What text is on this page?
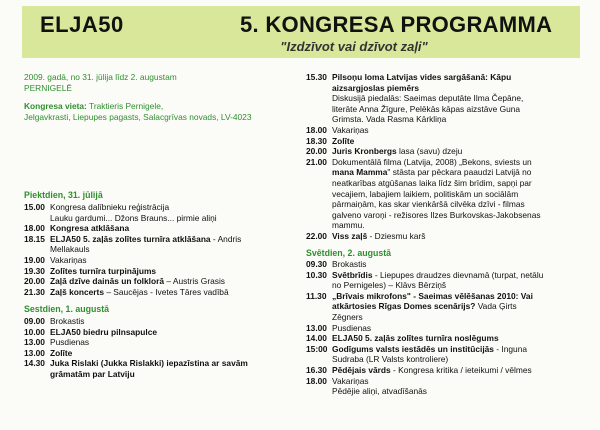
ELJA50	5. KONGRESA PROGRAMMA
"Izdzīvot vai dzīvot zaļi"
2009. gadā, no 31. jūlija līdz 2. augustam
PERNIGELĒ
Kongresa vieta: Traktieris Pernigele,
Jelgavkrasti, Liepupes pagasts, Salacgrīvas novads, LV-4023
Piektdien, 31. jūlijā
15.00 Kongresa dalībnieku reģistrācija
Lauku gardumi... Džons Brauns... pirmie aliņi
18.00 Kongresa atklāšana
18.15 ELJA50 5. zaļās zolītes turnīra atklāšana - Andris
Mellakauls
19.00 Vakariņas
19.30 Zolītes turnīra turpinājums
20.00 Zaļā dzīve dainās un folklorā – Austris Grasis
21.30 Zaļš koncerts – Saucējas - Ivetes Tāres vadībā
Sestdien, 1. augustā
09.00 Brokastis
10.00 ELJA50 biedru pilnsapulce
13.00 Pusdienas
13.00 Zolīte
14.30 Juka Rislaki (Jukka Rislakki) iepazīstina ar savām
grāmatām par Latviju
15.30 Pilsoņu loma Latvijas vides sargāšanā: Kāpu
aizsargjoslas piemērs
Diskusijā piedalās: Saeimas deputāte Ilma Čepāne,
literāte Anna Žīgure, Pelēkās kāpas aizstāve Guna
Grimsta. Vada Rasma Kārkliņa
18.00 Vakariņas
18.30 Zolīte
20.00 Juris Kronbergs lasa (savu) dzeju
21.00 Dokumentālā filma (Latvija, 2008) „Bekons, sviests un
mana Mamma" stāsta par pēckara paaudzi Latvijā no
neatkarības atgūšanas laika līdz šim brīdim, sapņi par
vecajiem, labajiem laikiem, politiskām un sociālām
pārmaiņām, kas skar vienkāršā cilvēka dzīvi - filmas
galveno varoņi - režisores Ilzes Burkovskas-Jakobsenas
mammu.
22.00 Viss zaļš - Dziesmu karš
Svētdien, 2. augustā
09.30 Brokastis
10.30 Svētbrīdis - Liepupes draudzes dievnamā (turpat, netālu
no Pernigeles) – Klāvs Bērziņš
11.30 „Brīvais mikrofons" - Saeimas vēlēšanas 2010: Vai
atkārtosies Rīgas Domes scenārijs? Vada Ģirts
Zēgners
13.00 Pusdienas
14.00 ELJA50 5. zaļās zolītes turnīra noslēgums
15:00 Godīgums valsts iestādēs un institūcijās - Inguna
Sudraba (LR Valsts kontroliere)
16.30 Pēdējais vārds - Kongresa kritika / ieteikumi / vēlmes
18.00 Vakariņas
Pēdējie aliņi, atvadīšanās
